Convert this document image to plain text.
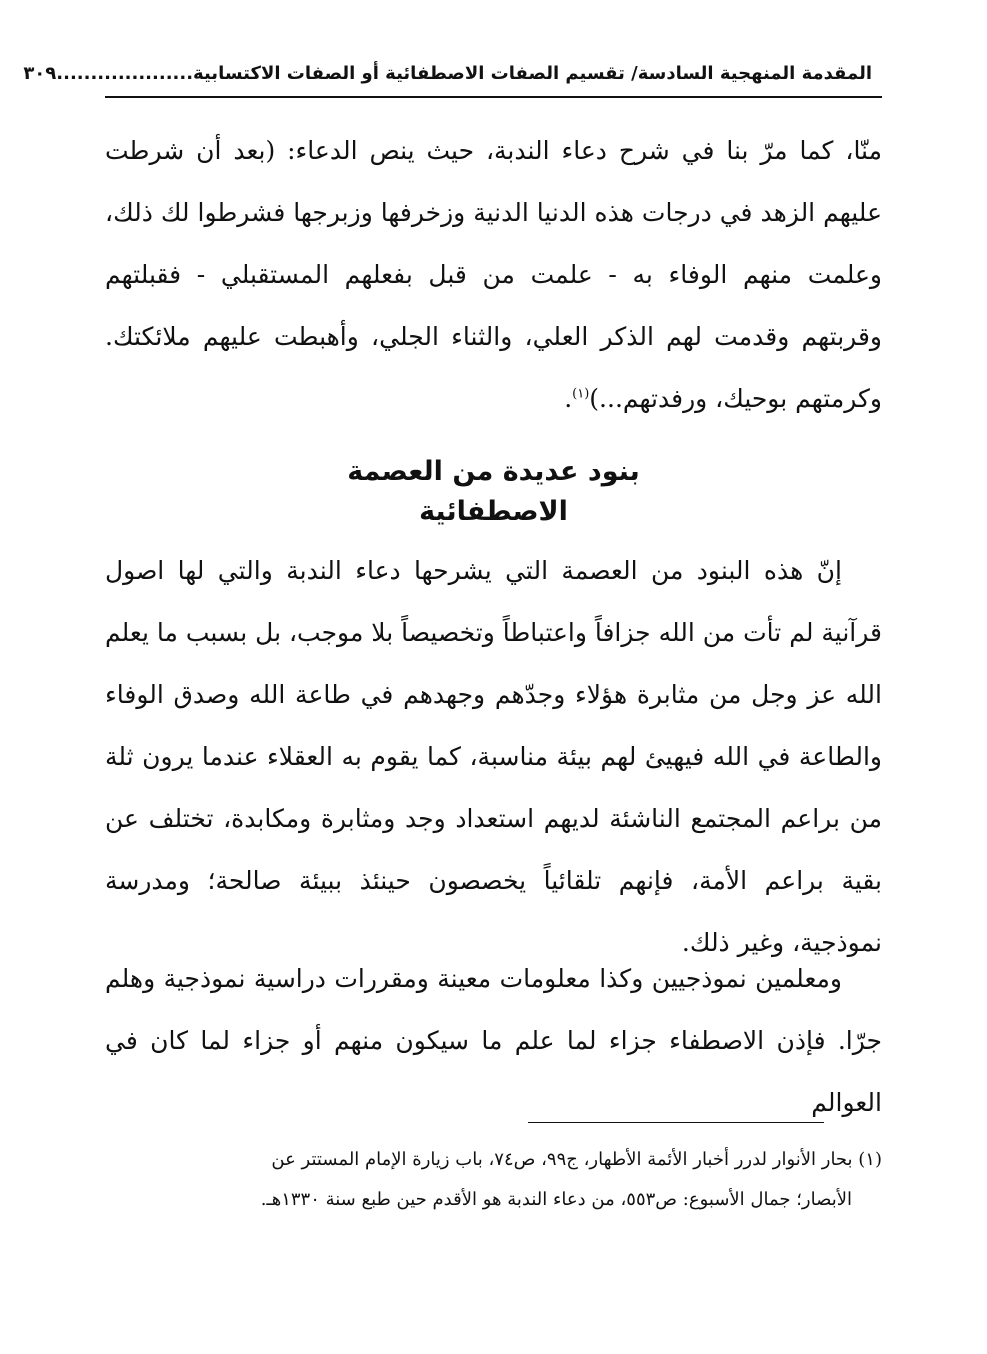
المقدمة المنهجية السادسة/ تقسيم الصفات الاصطفائية أو الصفات الاكتسابية
....................٣٠٩
منّا، كما مرّ بنا في شرح دعاء الندبة، حيث ينص الدعاء: (بعد أن شرطت عليهم الزهد في درجات هذه الدنيا الدنية وزخرفها وزبرجها فشرطوا لك ذلك، وعلمت منهم الوفاء به - علمت من قبل بفعلهم المستقبلي - فقبلتهم وقربتهم وقدمت لهم الذكر العلي، والثناء الجلي، وأهبطت عليهم ملائكتك. وكرمتهم بوحيك، ورفدتهم...)$^{(١)}$.
بنود عديدة من العصمة
الاصطفائية
إنّ هذه البنود من العصمة التي يشرحها دعاء الندبة والتي لها اصول قرآنية لم تأت من الله جزافاً واعتباطاً وتخصيصاً بلا موجب، بل بسبب ما يعلم الله عز وجل من مثابرة هؤلاء وجدّهم وجهدهم في طاعة الله وصدق الوفاء والطاعة في الله فيهيئ لهم بيئة مناسبة، كما يقوم به العقلاء عندما يرون ثلة من براعم المجتمع الناشئة لديهم استعداد وجد ومثابرة ومكابدة، تختلف عن بقية براعم الأمة، فإنهم تلقائياً يخصصون حينئذ ببيئة صالحة؛ ومدرسة نموذجية، وغير ذلك.
ومعلمين نموذجيين وكذا معلومات معينة ومقررات دراسية نموذجية وهلم جرّا. فإذن الاصطفاء جزاء لما علم ما سيكون منهم أو جزاء لما كان في العوالم
(١) بحار الأنوار لدرر أخبار الأئمة الأطهار، ج٩٩، ص٧٤، باب زيارة الإمام المستتر عن
الأبصار؛ جمال الأسبوع: ص٥٥٣، من دعاء الندبة هو الأقدم حين طبع سنة ١٣٣٠هـ.
